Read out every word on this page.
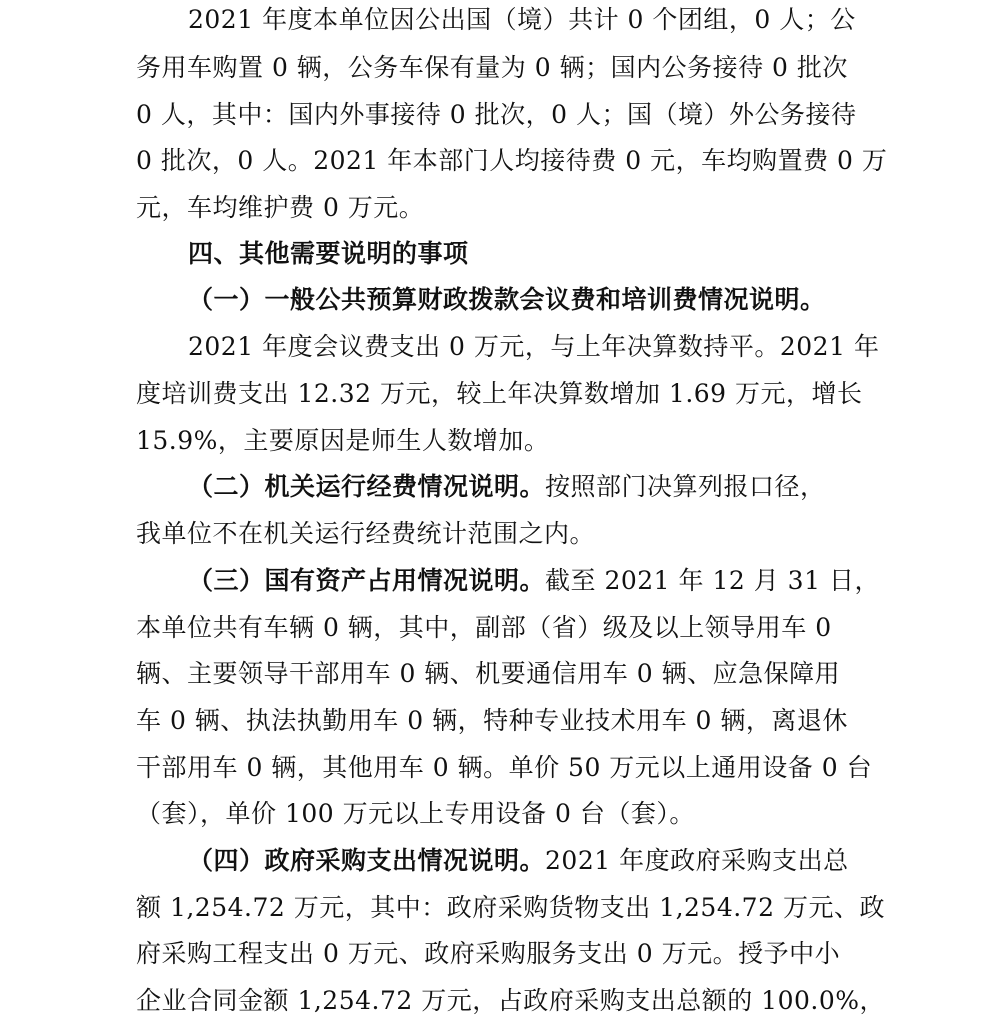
2021 年度本单位因公出国（境）共计 0 个团组，0 人；公
务用车购置 0 辆，公务车保有量为 0 辆；国内公务接待 0 批次
0 人，其中：国内外事接待 0 批次，0 人；国（境）外公务接待
0 批次，0 人。2021 年本部门人均接待费 0 元，车均购置费 0 万
元，车均维护费 0 万元。
四、其他需要说明的事项
（一）一般公共预算财政拨款会议费和培训费情况说明。
2021 年度会议费支出 0 万元，与上年决算数持平。2021 年
度培训费支出 12.32 万元，较上年决算数增加 1.69 万元，增长
15.9%，主要原因是师生人数增加。
（二）机关运行经费情况说明。按照部门决算列报口径，
我单位不在机关运行经费统计范围之内。
（三）国有资产占用情况说明。截至 2021 年 12 月 31 日，
本单位共有车辆 0 辆，其中，副部（省）级及以上领导用车 0
辆、主要领导干部用车 0 辆、机要通信用车 0 辆、应急保障用
车 0 辆、执法执勤用车 0 辆，特种专业技术用车 0 辆，离退休
干部用车 0 辆，其他用车 0 辆。单价 50 万元以上通用设备 0 台
（套），单价 100 万元以上专用设备 0 台（套）。
（四）政府采购支出情况说明。2021 年度政府采购支出总
额 1,254.72 万元，其中：政府采购货物支出 1,254.72 万元、政
府采购工程支出 0 万元、政府采购服务支出 0 万元。授予中小
企业合同金额 1,254.72 万元，占政府采购支出总额的 100.0%，
